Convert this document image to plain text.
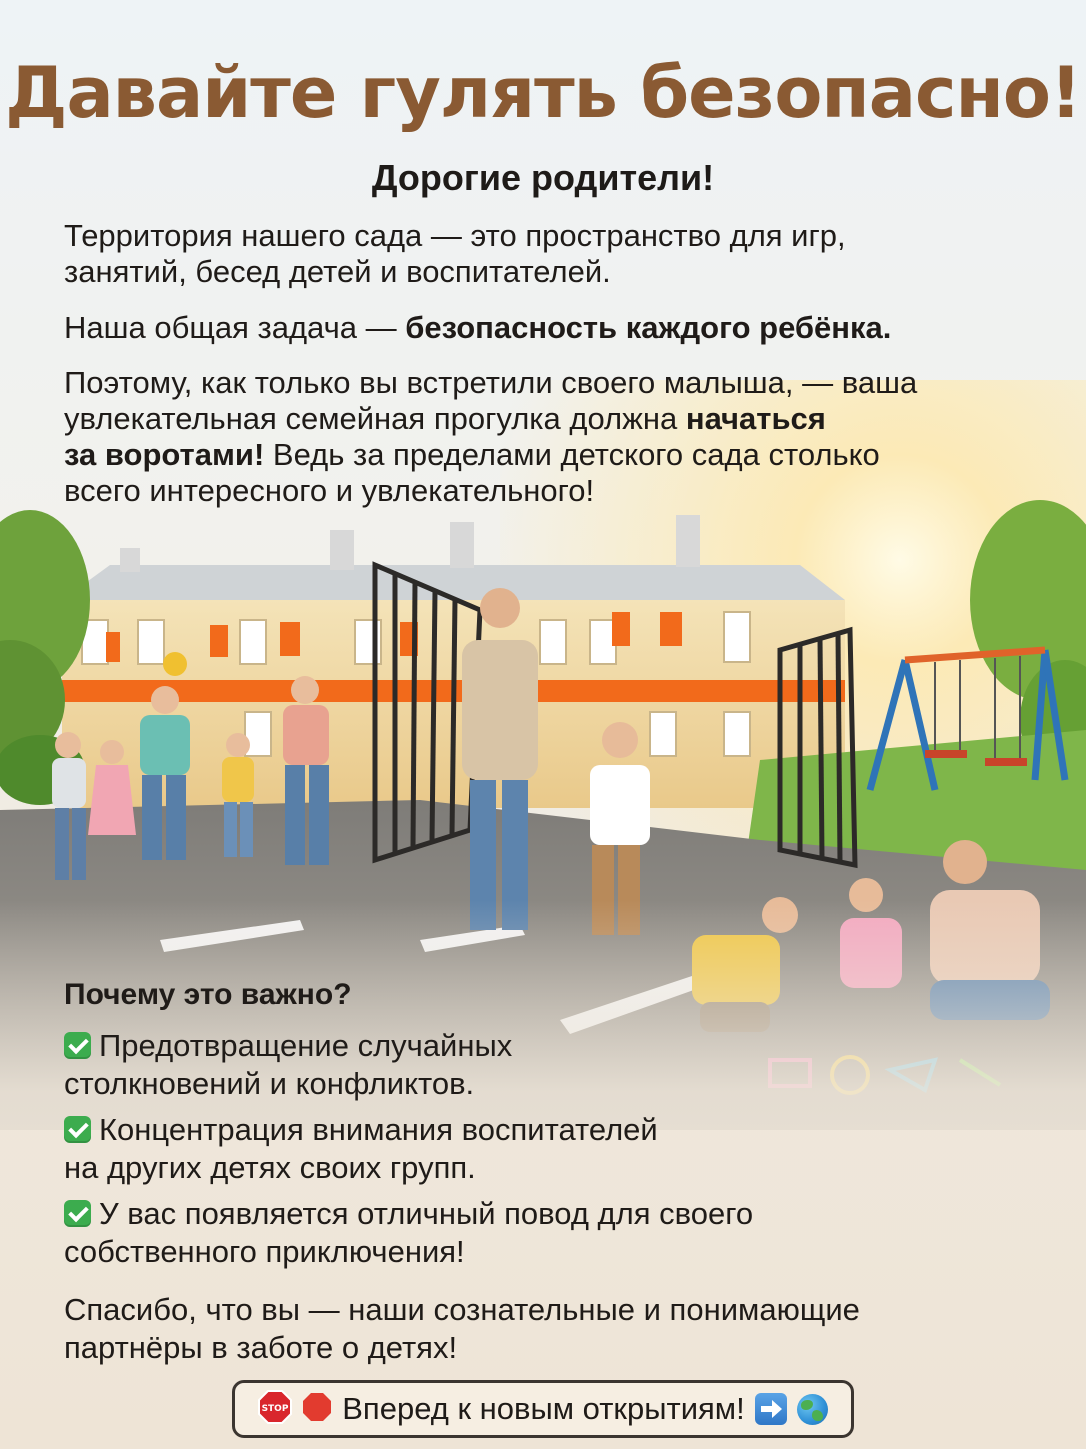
Давайте гулять безопасно!
Дорогие родители!

Территория нашего сада — это пространство для игр,
занятий, бесед детей и воспитателей.

Наша общая задача — безопасность каждого ребёнка.

Поэтому, как только вы встретили своего малыша, — ваша
увлекательная семейная прогулка должна начаться
за воротами! Ведь за пределами детского сада столько
всего интересного и увлекательного!

Почему это важно?

Предотвращение случайных
столкновений и конфликтов.

Концентрация внимания воспитателей
на других детях своих групп.

У вас появляется отличный повод для своего
собственного приключения!

Спасибо, что вы — наши сознательные и понимающие
партнёры в заботе о детях!

STOP Вперед к новым открытиям!
